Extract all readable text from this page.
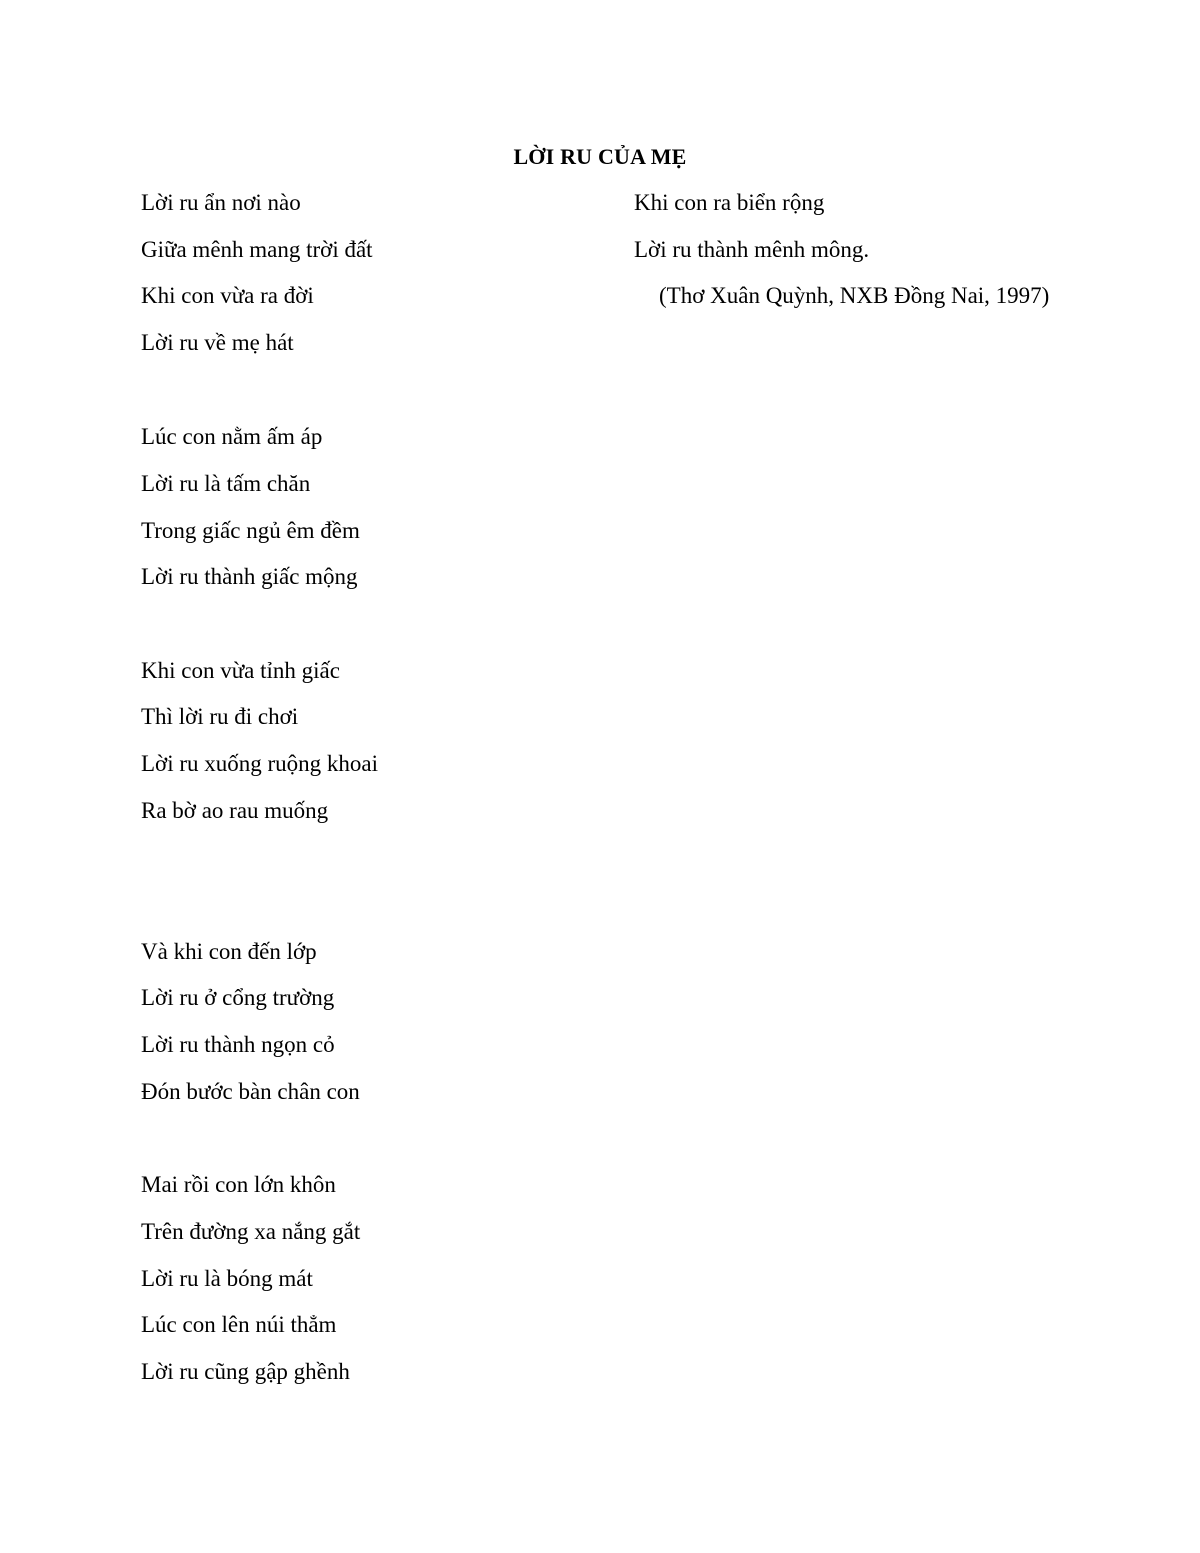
LỜI RU CỦA MẸ
Lời ru ẩn nơi nào
Giữa mênh mang trời đất
Khi con vừa ra đời
Lời ru về mẹ hát
Lúc con nằm ấm áp
Lời ru là tấm chăn
Trong giấc ngủ êm đềm
Lời ru thành giấc mộng
Khi con vừa tỉnh giấc
Thì lời ru đi chơi
Lời ru xuống ruộng khoai
Ra bờ ao rau muống
Và khi con đến lớp
Lời ru ở cổng trường
Lời ru thành ngọn cỏ
Đón bước bàn chân con
Mai rồi con lớn khôn
Trên đường xa nắng gắt
Lời ru là bóng mát
Lúc con lên núi thẳm
Lời ru cũng gập ghềnh
Khi con ra biển rộng
Lời ru thành mênh mông.
(Thơ Xuân Quỳnh, NXB Đồng Nai, 1997)
